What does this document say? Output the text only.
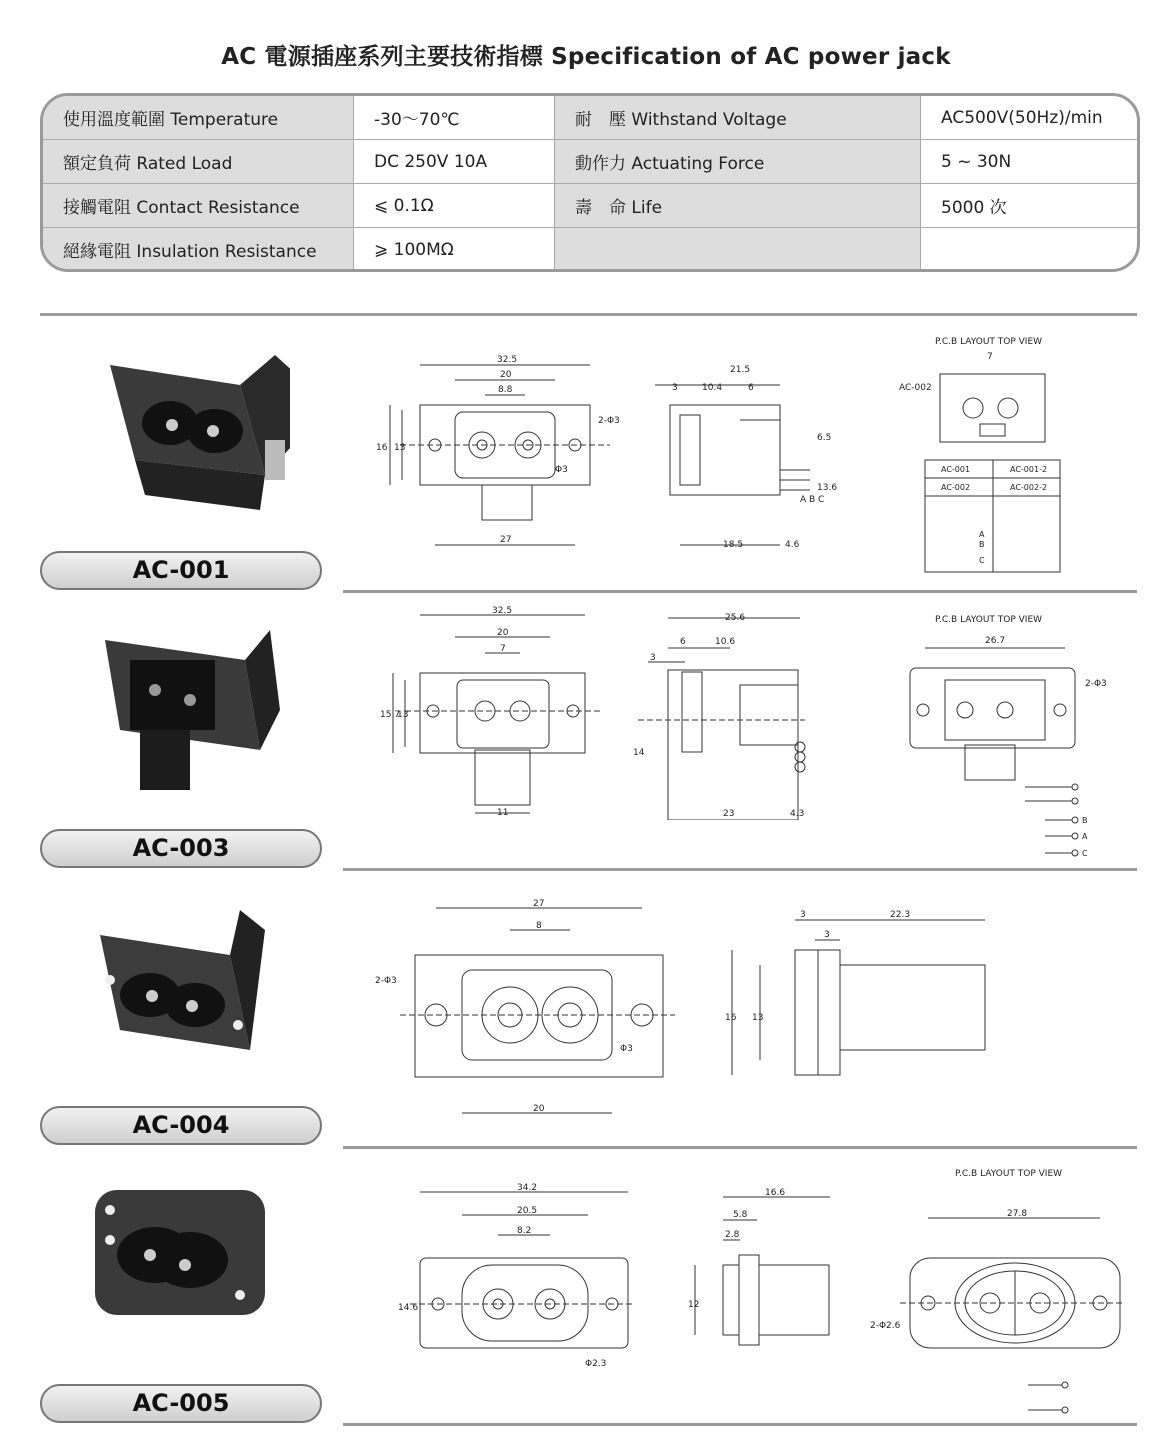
AC 電源插座系列主要技術指標 Specification of AC power jack
使用溫度範圍 Temperature	-30～70℃	耐　壓 Withstand Voltage	AC500V(50Hz)/min
額定負荷 Rated Load	DC 250V 10A	動作力 Actuating Force	5 ~ 30N
接觸電阻 Contact Resistance	⩽ 0.1Ω	壽　命 Life	5000 次
絕緣電阻 Insulation Resistance	⩾ 100MΩ		
AC-001
AC-003
AC-004
AC-005
32.5
20
8.8
16 13
2-Φ3
Φ3
27
21.5
3	10.4	6
6.5
13.6
18.5	4.6
A B C
P.C.B LAYOUT TOP VIEW
7
AC-002
AC-001	AC-001-2
AC-002	AC-002-2
A
B
C
32.5
20
7
15.7
13
11
25.6
6	10.6
3
14
23	4.3
P.C.B LAYOUT TOP VIEW
26.7
2-Φ3
B
A
C
27
8
2-Φ3
Φ3
20
3	22.3
3
16 13
34.2
20.5
8.2
14.6
Φ2.3
16.6
5.8
2.8
12
P.C.B LAYOUT TOP VIEW
27.8
2-Φ2.6
